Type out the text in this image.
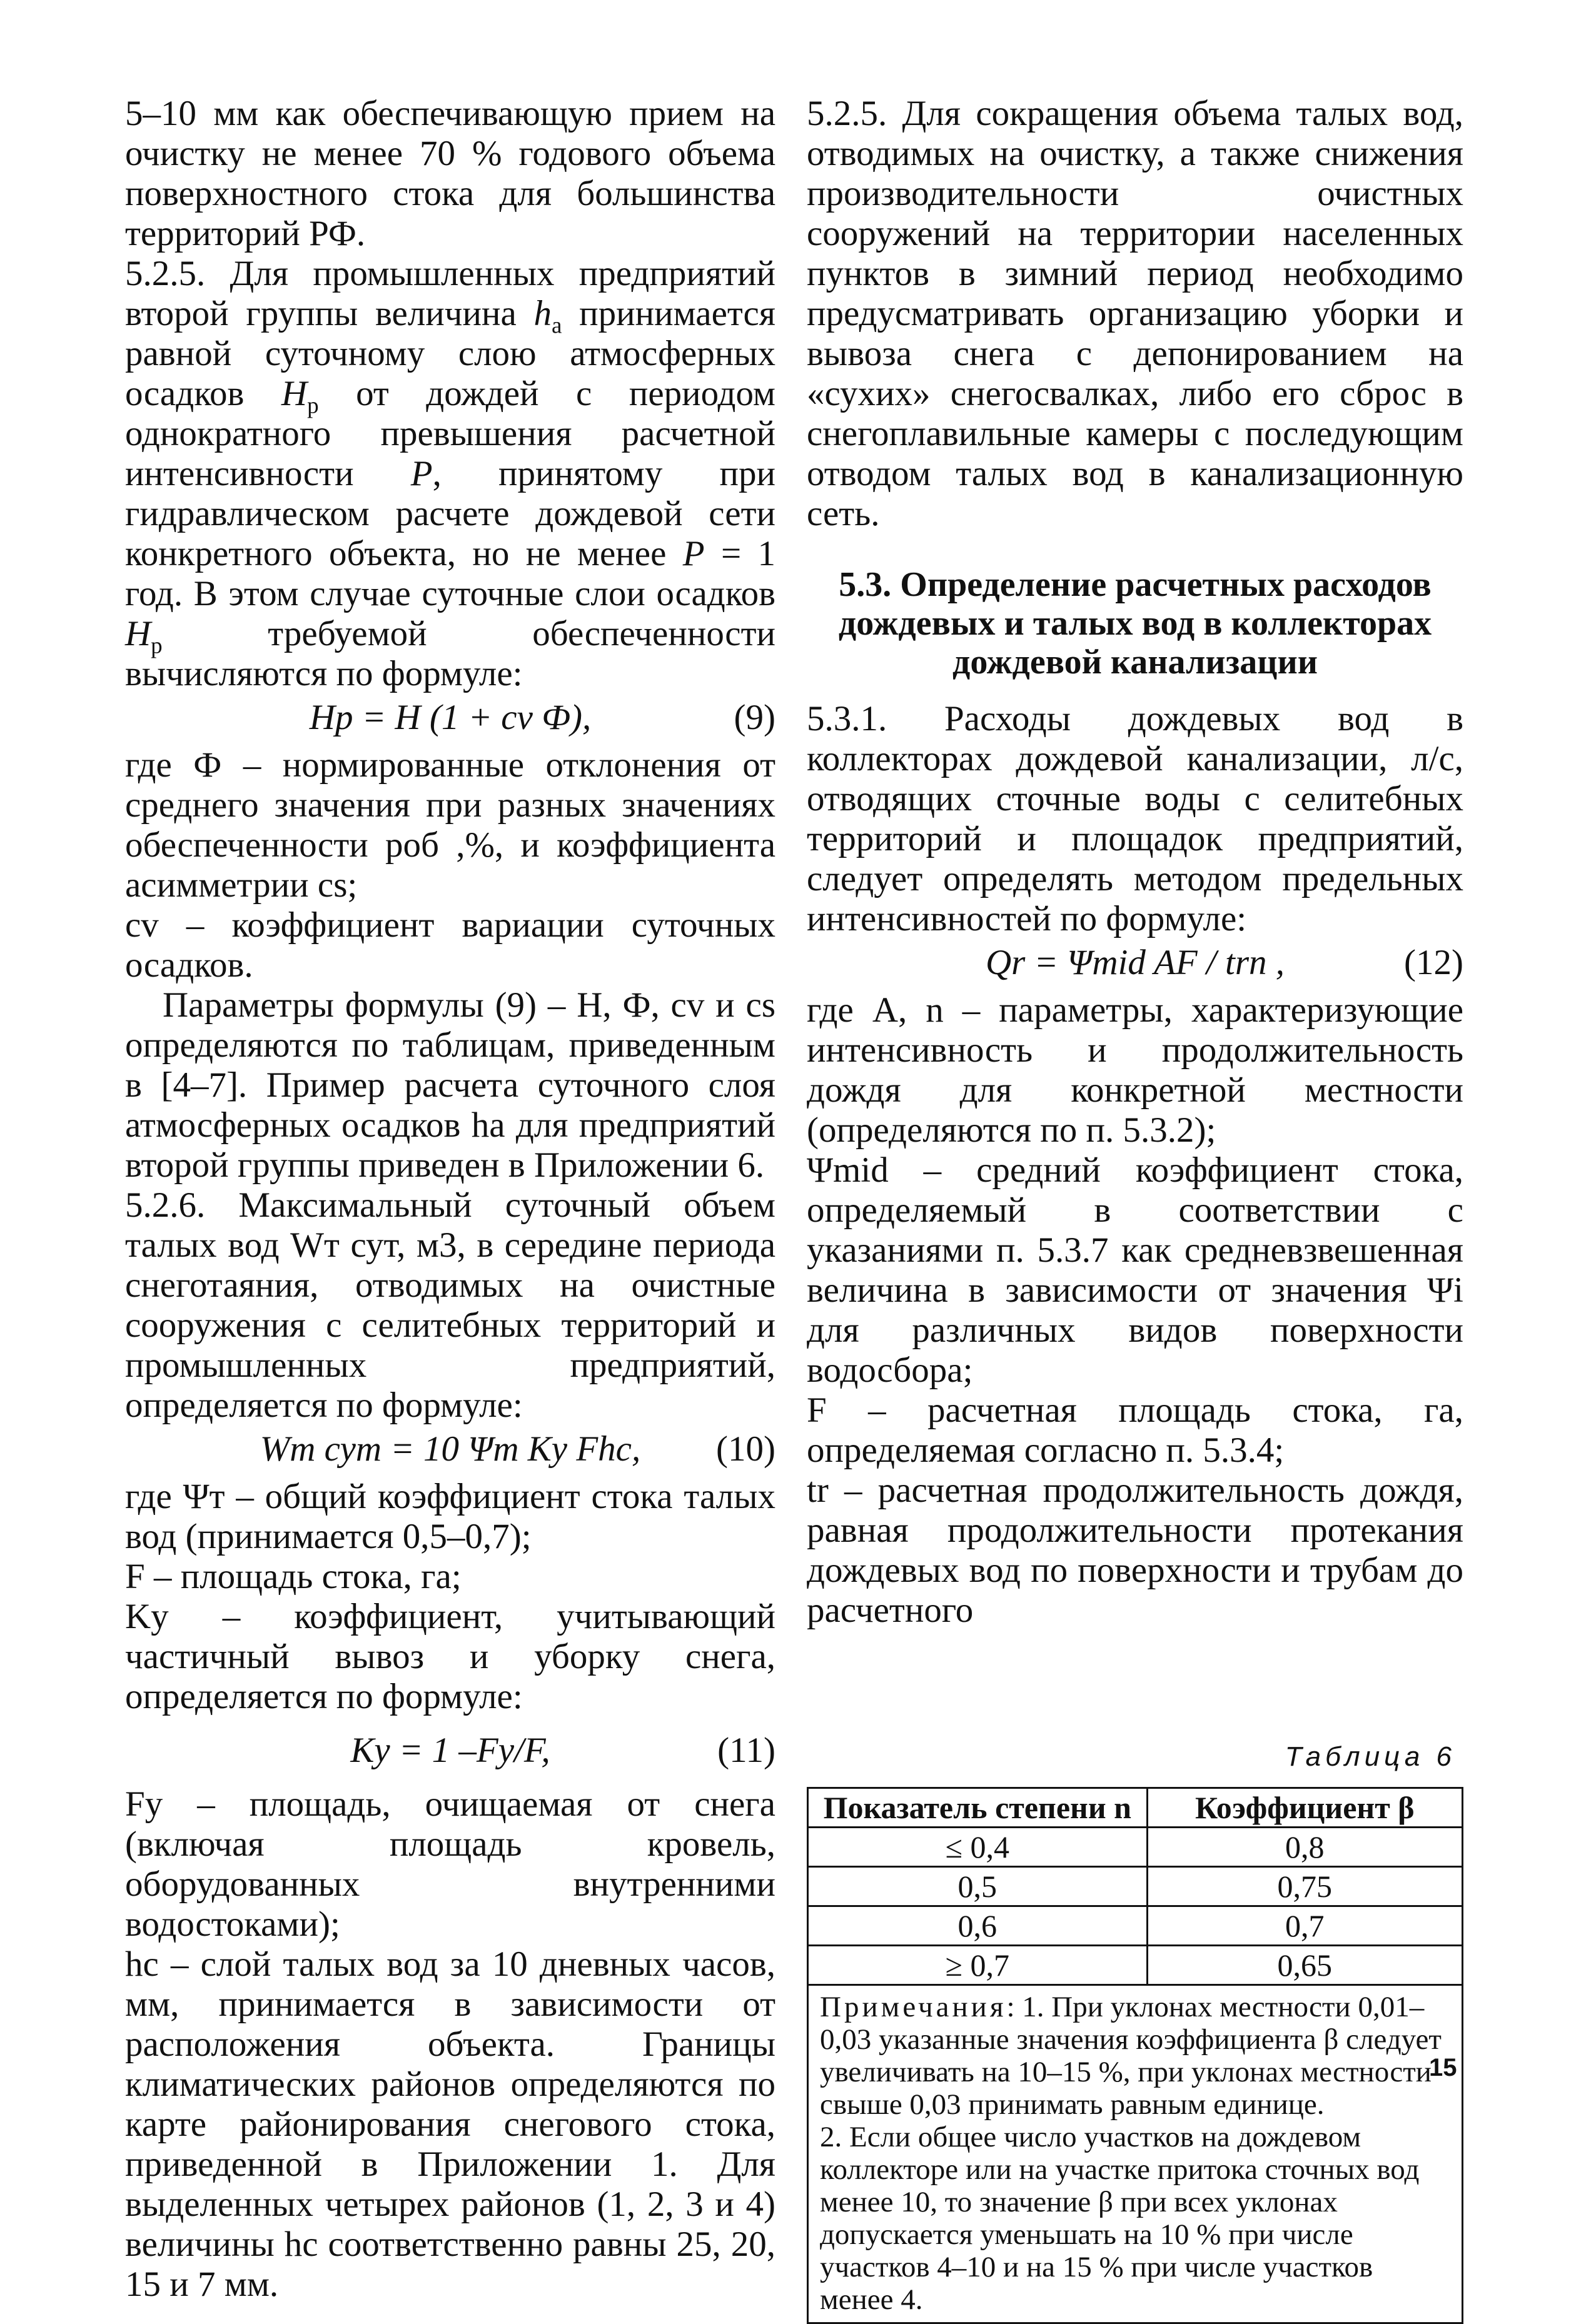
5–10 мм как обеспечивающую прием на очистку не менее 70 % годового объема поверхностного стока для большинства территорий РФ.

5.2.5. Для промышленных предприятий второй группы величина $h_а$ принимается равной суточному слою атмосферных осадков $H_р$ от дождей с периодом однократного превышения расчетной интенсивности P, принятому при гидравлическом расчете дождевой сети конкретного объекта, но не менее P = 1 год. В этом случае суточные слои осадков $H_р$ требуемой обеспеченности вычисляются по формуле:

Hр = H (1 + cv Ф),	(9)

где Ф – нормированные отклонения от среднего значения при разных значениях обеспеченности pоб ,%, и коэффициента асимметрии cs;

cv – коэффициент вариации суточных осадков.

Параметры формулы (9) – H, Ф, cv и cs определяются по таблицам, приведенным в [4–7]. Пример расчета суточного слоя атмосферных осадков hа для предприятий второй группы приведен в Приложении 6.

5.2.6. Максимальный суточный объем талых вод Wт сут, м3, в середине периода снеготаяния, отводимых на очистные сооружения с селитебных территорий и промышленных предприятий, определяется по формуле:

Wт сут = 10 Ψт Kу Fhс, (10)

где Ψт – общий коэффициент стока талых вод (принимается 0,5–0,7);

F – площадь стока, га;

Kу – коэффициент, учитывающий частичный вывоз и уборку снега, определяется по формуле:

Kу = 1 –Fу/F,	(11)

Fу – площадь, очищаемая от снега (включая площадь кровель, оборудованных внутренними водостоками);

hс – слой талых вод за 10 дневных часов, мм, принимается в зависимости от расположения объекта. Границы климатических районов определяются по карте районирования снегового стока, приведенной в Приложении 1. Для выделенных четырех районов (1, 2, 3 и 4) величины hс соответственно равны 25, 20, 15 и 7 мм.

5.2.5. Для сокращения объема талых вод, отводимых на очистку, а также снижения производительности очистных сооружений на территории населенных пунктов в зимний период необходимо предусматривать организацию уборки и вывоза снега с депонированием на «сухих» снегосвалках, либо его сброс в снегоплавильные камеры с последующим отводом талых вод в канализационную сеть.

5.3. Определение расчетных расходов дождевых и талых вод в коллекторах дождевой канализации

5.3.1. Расходы дождевых вод в коллекторах дождевой канализации, л/с, отводящих сточные воды с селитебных территорий и площадок предприятий, следует определять методом предельных интенсивностей по формуле:

Qr = Ψmid AF / trn ,	(12)

где A, n – параметры, характеризующие интенсивность и продолжительность дождя для конкретной местности (определяются по п. 5.3.2);

Ψmid – средний коэффициент стока, определяемый в соответствии с указаниями п. 5.3.7 как средневзвешенная величина в зависимости от значения Ψi для различных видов поверхности водосбора;

F – расчетная площадь стока, га, определяемая согласно п. 5.3.4;

tr – расчетная продолжительность дождя, равная продолжительности протекания дождевых вод по поверхности и трубам до расчетного

Таблица 6
Показатель степени n	Коэффициент β
≤ 0,4	0,8
0,5	0,75
0,6	0,7
≥ 0,7	0,65

Примечания: 1. При уклонах местности 0,01–0,03 указанные значения коэффициента β следует увеличивать на 10–15 %, при уклонах местности свыше 0,03 принимать равным единице.
2. Если общее число участков на дождевом коллекторе или на участке притока сточных вод менее 10, то значение β при всех уклонах допускается уменьшать на 10 % при числе участков 4–10 и на 15 % при числе участков менее 4.	
15
